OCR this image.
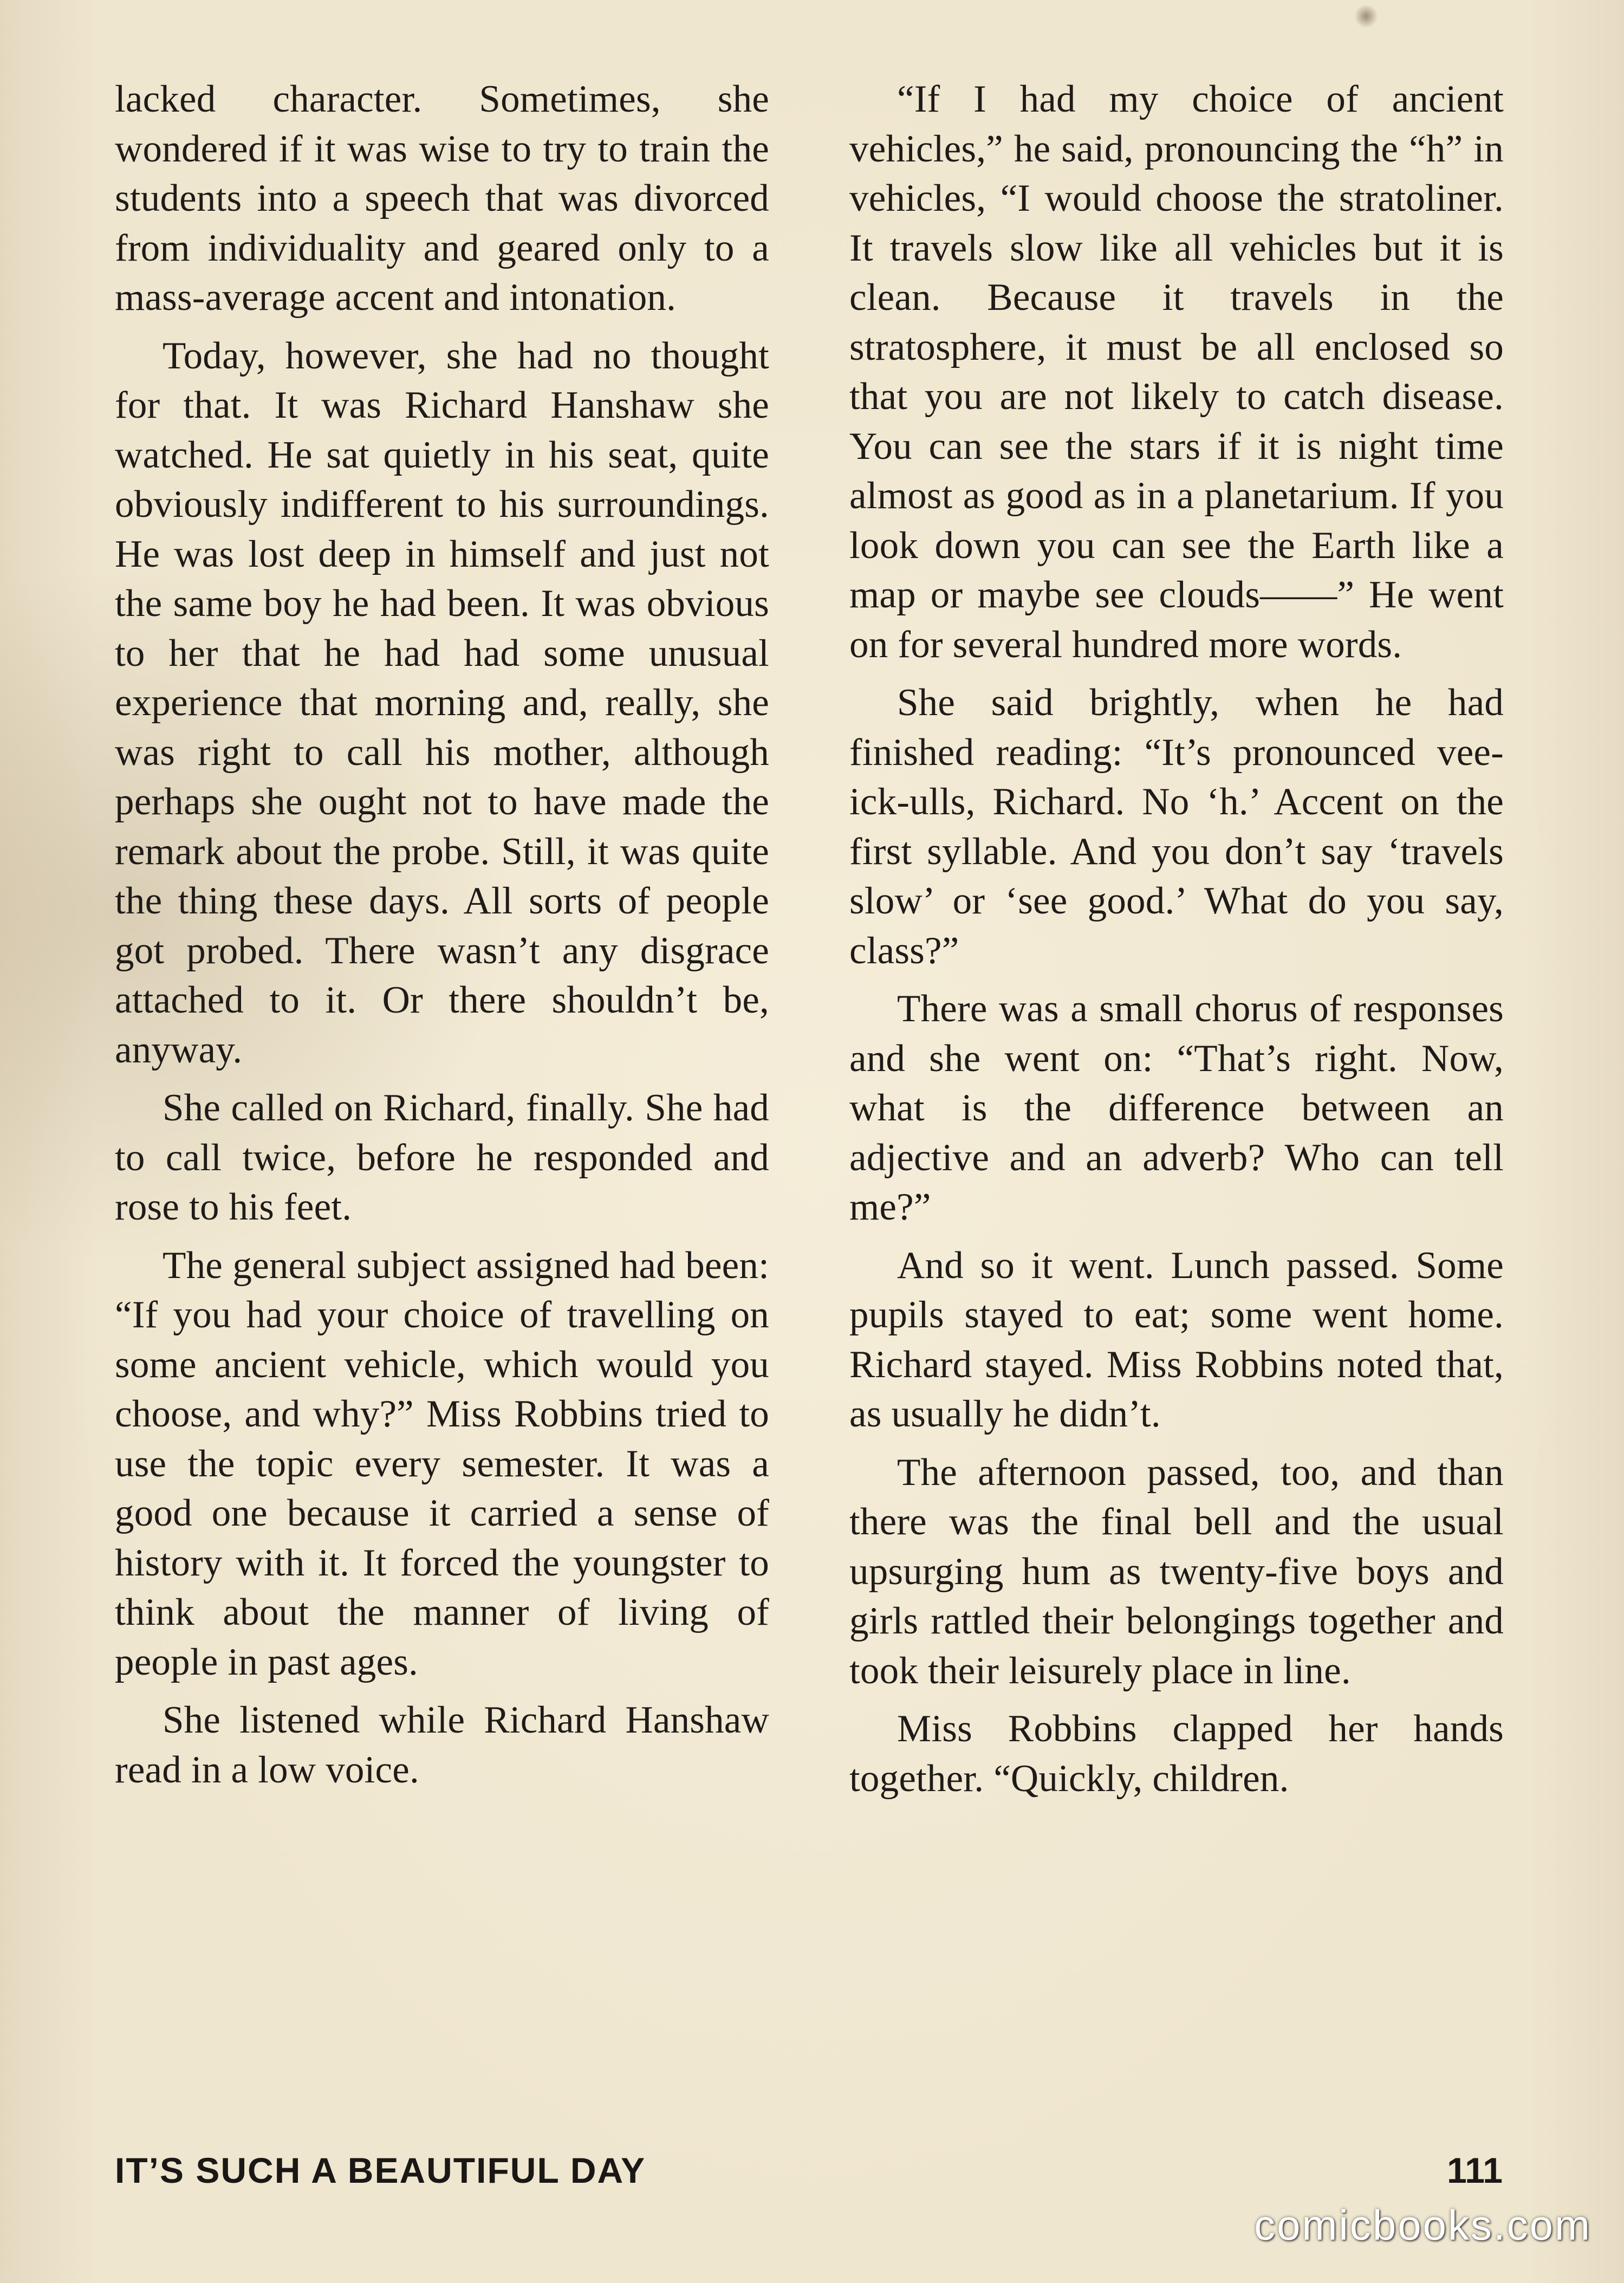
lacked character. Sometimes, she wondered if it was wise to try to train the students into a speech that was divorced from individuality and geared only to a mass-average accent and intonation.

Today, however, she had no thought for that. It was Richard Hanshaw she watched. He sat quietly in his seat, quite obviously indifferent to his surroundings. He was lost deep in himself and just not the same boy he had been. It was obvious to her that he had had some unusual experience that morning and, really, she was right to call his mother, although perhaps she ought not to have made the remark about the probe. Still, it was quite the thing these days. All sorts of people got probed. There wasn’t any disgrace attached to it. Or there shouldn’t be, anyway.

She called on Richard, finally. She had to call twice, before he responded and rose to his feet.

The general subject assigned had been: “If you had your choice of travelling on some ancient vehicle, which would you choose, and why?” Miss Robbins tried to use the topic every semester. It was a good one because it carried a sense of history with it. It forced the youngster to think about the manner of living of people in past ages.

She listened while Richard Hanshaw read in a low voice.

“If I had my choice of ancient vehicles,” he said, pronouncing the “h” in vehicles, “I would choose the stratoliner. It travels slow like all vehicles but it is clean. Because it travels in the stratosphere, it must be all enclosed so that you are not likely to catch disease. You can see the stars if it is night time almost as good as in a planetarium. If you look down you can see the Earth like a map or maybe see clouds——” He went on for several hundred more words.

She said brightly, when he had finished reading: “It’s pronounced vee-ick-ulls, Richard. No ‘h.’ Accent on the first syllable. And you don’t say ‘travels slow’ or ‘see good.’ What do you say, class?”

There was a small chorus of responses and she went on: “That’s right. Now, what is the difference between an adjective and an adverb? Who can tell me?”

And so it went. Lunch passed. Some pupils stayed to eat; some went home. Richard stayed. Miss Robbins noted that, as usually he didn’t.

The afternoon passed, too, and than there was the final bell and the usual upsurging hum as twenty-five boys and girls rattled their belongings together and took their leisurely place in line.

Miss Robbins clapped her hands together. “Quickly, children.

IT’S SUCH A BEAUTIFUL DAY	111
comicbooks.com
